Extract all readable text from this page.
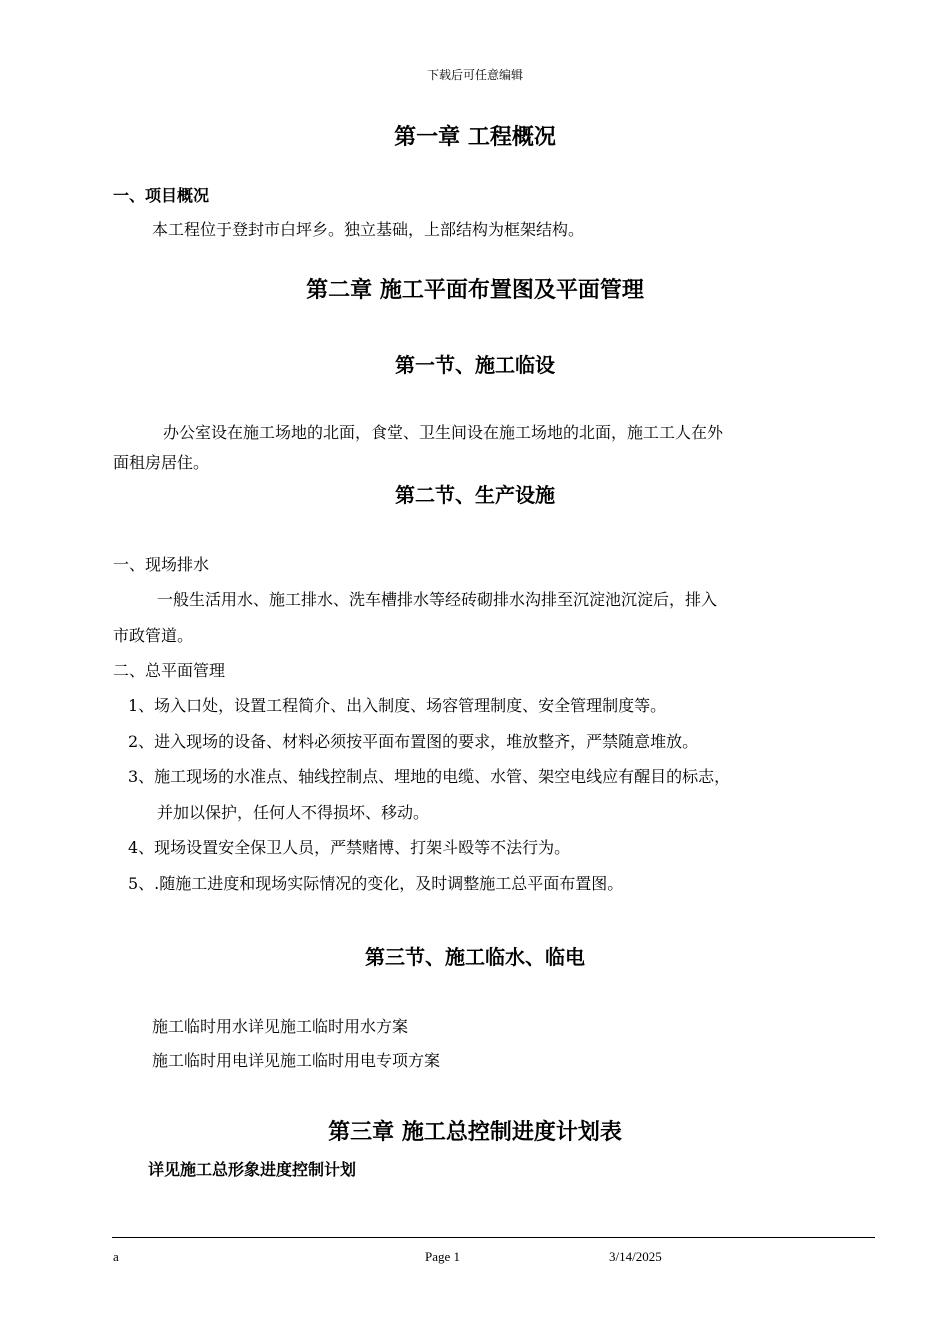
下载后可任意编辑
第一章 工程概况
一、项目概况
本工程位于登封市白坪乡。独立基础，上部结构为框架结构。
第二章 施工平面布置图及平面管理
第一节、施工临设
办公室设在施工场地的北面，食堂、卫生间设在施工场地的北面，施工工人在外
面租房居住。
第二节、生产设施
一、现场排水
一般生活用水、施工排水、洗车槽排水等经砖砌排水沟排至沉淀池沉淀后，排入
市政管道。
二、总平面管理
1、场入口处，设置工程简介、出入制度、场容管理制度、安全管理制度等。
2、进入现场的设备、材料必须按平面布置图的要求，堆放整齐，严禁随意堆放。
3、施工现场的水准点、轴线控制点、埋地的电缆、水管、架空电线应有醒目的标志，
并加以保护，任何人不得损坏、移动。
4、现场设置安全保卫人员，严禁赌博、打架斗殴等不法行为。
5、.随施工进度和现场实际情况的变化，及时调整施工总平面布置图。
第三节、施工临水、临电
施工临时用水详见施工临时用水方案
施工临时用电详见施工临时用电专项方案
第三章 施工总控制进度计划表
详见施工总形象进度控制计划
a	Page 1	3/14/2025
